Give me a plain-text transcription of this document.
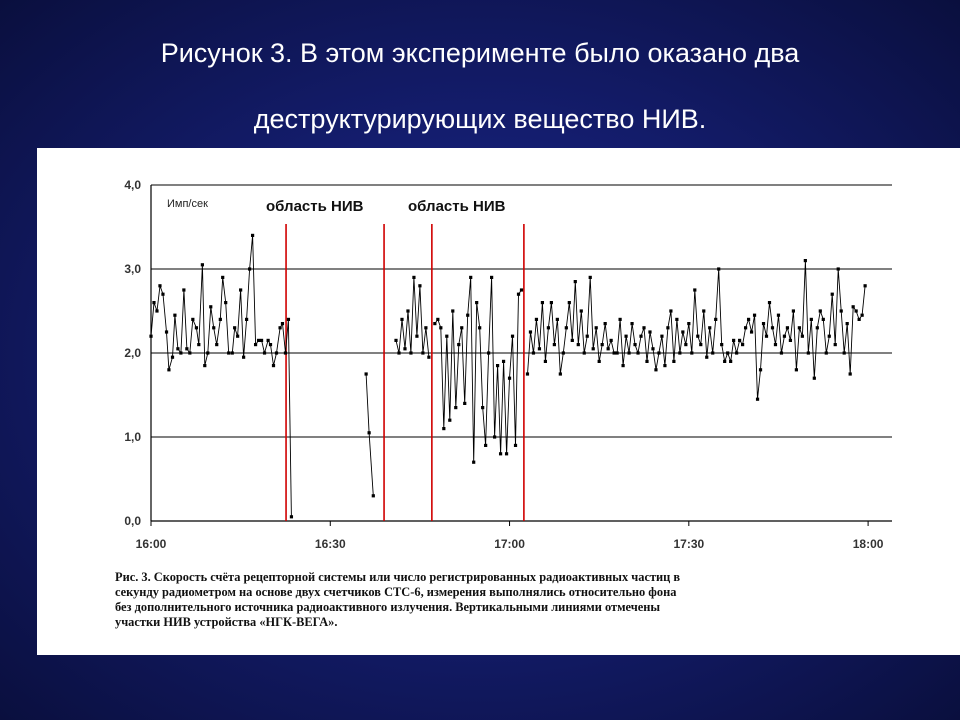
Рисунок 3. В этом эксперименте было оказано два
деструктурирующих вещество НИВ.
0,0
1,0
2,0
3,0
4,0
16:00	16:30	17:00	17:30	18:00
Имп/сек	область НИВ	область НИВ
Рис. 3. Скорость счёта рецепторной системы или число регистрированных радиоактивных частиц в
секунду радиометром на основе двух счетчиков СТС-6, измерения выполнялись относительно фона
без дополнительного источника радиоактивного излучения. Вертикальными линиями отмечены
участки НИВ устройства «НГК-ВЕГА».
